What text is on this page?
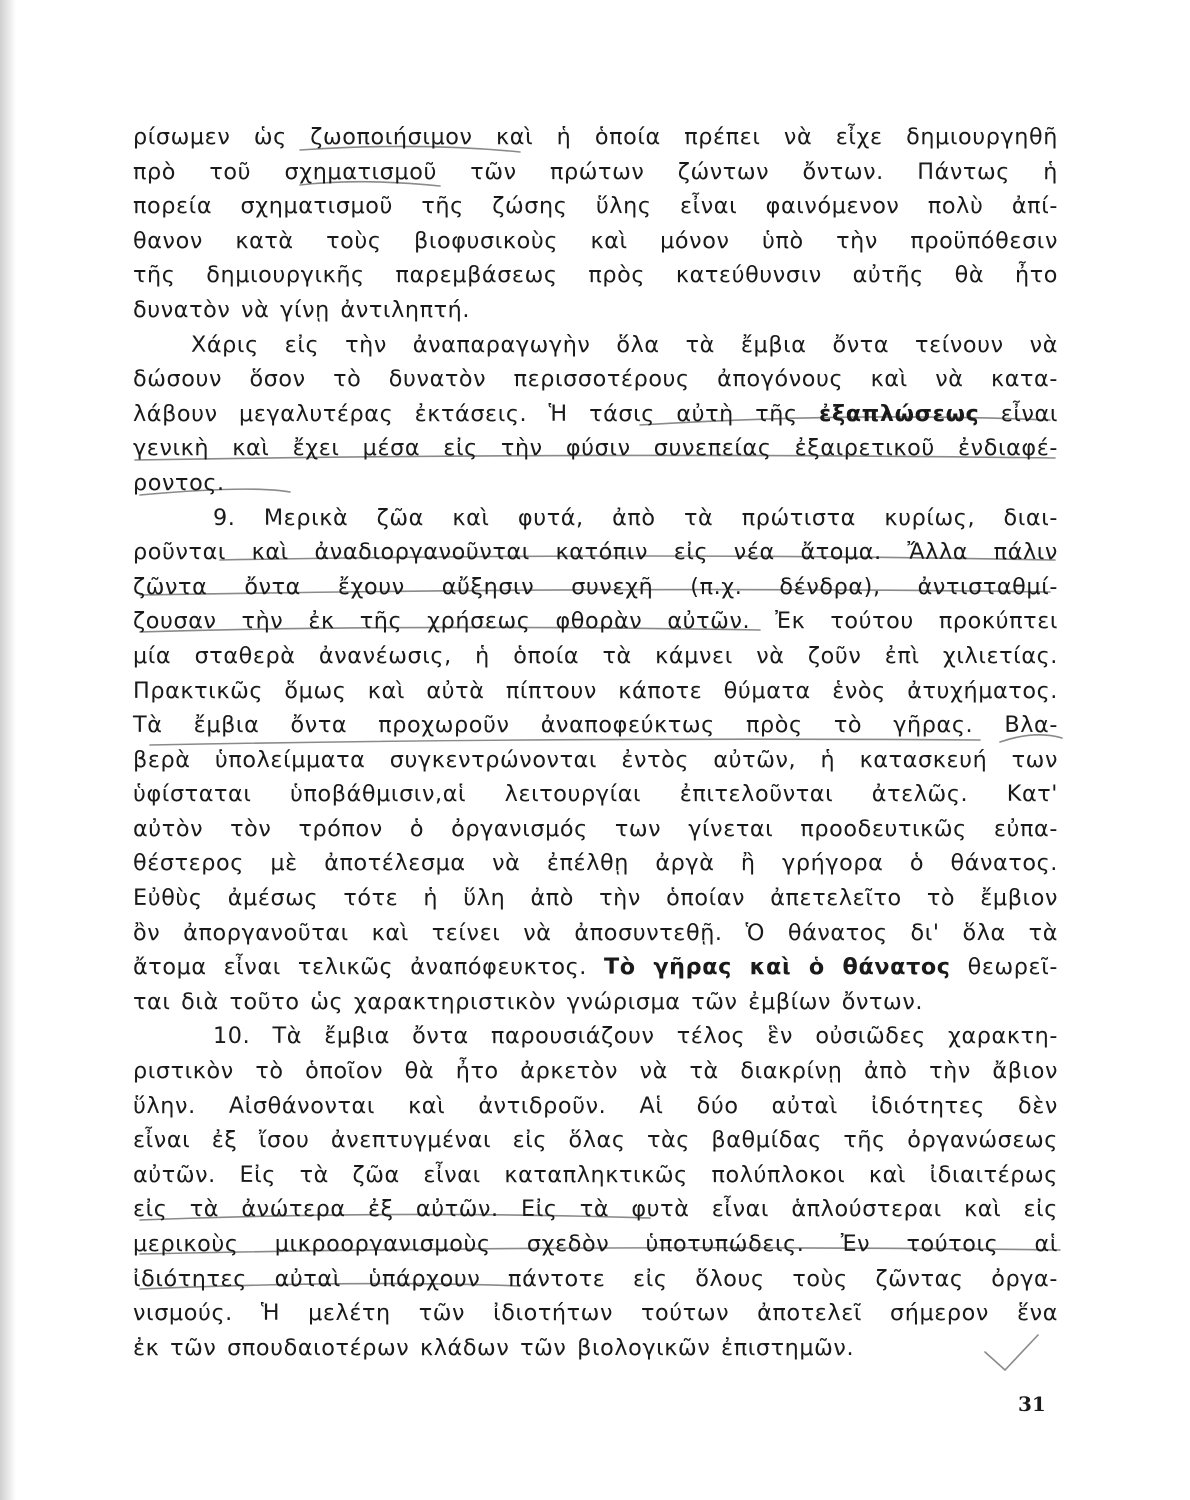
ρίσωμεν ὡς ζωοποιήσιμον καὶ ἡ ὁποία πρέπει νὰ εἶχε δημιουργηθῆ
πρὸ τοῦ σχηματισμοῦ τῶν πρώτων ζώντων ὄντων. Πάντως ἡ
πορεία σχηματισμοῦ τῆς ζώσης ὕλης εἶναι φαινόμενον πολὺ ἀπί-
θανον κατὰ τοὺς βιοφυσικοὺς καὶ μόνον ὑπὸ τὴν προϋπόθεσιν
τῆς δημιουργικῆς παρεμβάσεως πρὸς κατεύθυνσιν αὐτῆς θὰ ἦτο
δυνατὸν νὰ γίνῃ ἀντιληπτή.

Χάρις εἰς τὴν ἀναπαραγωγὴν ὅλα τὰ ἔμβια ὄντα τείνουν νὰ
δώσουν ὅσον τὸ δυνατὸν περισσοτέρους ἀπογόνους καὶ νὰ κατα-
λάβουν μεγαλυτέρας ἐκτάσεις. Ἡ τάσις αὐτὴ τῆς ἐξαπλώσεως εἶναι
γενικὴ καὶ ἔχει μέσα εἰς τὴν φύσιν συνεπείας ἐξαιρετικοῦ ἐνδιαφέ-
ροντος.

9. Μερικὰ ζῶα καὶ φυτά, ἀπὸ τὰ πρώτιστα κυρίως, διαι-
ροῦνται καὶ ἀναδιοργανοῦνται κατόπιν εἰς νέα ἄτομα. Ἄλλα πάλιν
ζῶντα ὄντα ἔχουν αὔξησιν συνεχῆ (π.χ. δένδρα), ἀντισταθμί-
ζουσαν τὴν ἐκ τῆς χρήσεως φθορὰν αὐτῶν. Ἐκ τούτου προκύπτει
μία σταθερὰ ἀνανέωσις, ἡ ὁποία τὰ κάμνει νὰ ζοῦν ἐπὶ χιλιετίας.
Πρακτικῶς ὅμως καὶ αὐτὰ πίπτουν κάποτε θύματα ἑνὸς ἀτυχήματος.
Τὰ ἔμβια ὄντα προχωροῦν ἀναποφεύκτως πρὸς τὸ γῆρας. Βλα-
βερὰ ὑπολείμματα συγκεντρώνονται ἐντὸς αὐτῶν, ἡ κατασκευή των
ὑφίσταται ὑποβάθμισιν,αἱ λειτουργίαι ἐπιτελοῦνται ἀτελῶς. Κατ'
αὐτὸν τὸν τρόπον ὁ ὀργανισμός των γίνεται προοδευτικῶς εὐπα-
θέστερος μὲ ἀποτέλεσμα νὰ ἐπέλθῃ ἀργὰ ἢ γρήγορα ὁ θάνατος.
Εὐθὺς ἀμέσως τότε ἡ ὕλη ἀπὸ τὴν ὁποίαν ἀπετελεῖτο τὸ ἔμβιον
ὂν ἀποργανοῦται καὶ τείνει νὰ ἀποσυντεθῇ. Ὁ θάνατος δι' ὅλα τὰ
ἄτομα εἶναι τελικῶς ἀναπόφευκτος. Τὸ γῆρας καὶ ὁ θάνατος θεωρεῖ-
ται διὰ τοῦτο ὡς χαρακτηριστικὸν γνώρισμα τῶν ἐμβίων ὄντων.

10. Τὰ ἔμβια ὄντα παρουσιάζουν τέλος ἓν οὐσιῶδες χαρακτη-
ριστικὸν τὸ ὁποῖον θὰ ἦτο ἀρκετὸν νὰ τὰ διακρίνῃ ἀπὸ τὴν ἄβιον
ὕλην. Αἰσθάνονται καὶ ἀντιδροῦν. Αἱ δύο αὐταὶ ἰδιότητες δὲν
εἶναι ἐξ ἴσου ἀνεπτυγμέναι εἰς ὅλας τὰς βαθμίδας τῆς ὀργανώσεως
αὐτῶν. Εἰς τὰ ζῶα εἶναι καταπληκτικῶς πολύπλοκοι καὶ ἰδιαιτέρως
εἰς τὰ ἀνώτερα ἐξ αὐτῶν. Εἰς τὰ φυτὰ εἶναι ἁπλούστεραι καὶ εἰς
μερικοὺς μικροοργανισμοὺς σχεδὸν ὑποτυπώδεις. Ἐν τούτοις αἱ
ἰδιότητες αὐταὶ ὑπάρχουν πάντοτε εἰς ὅλους τοὺς ζῶντας ὀργα-
νισμούς. Ἡ μελέτη τῶν ἰδιοτήτων τούτων ἀποτελεῖ σήμερον ἕνα
ἐκ τῶν σπουδαιοτέρων κλάδων τῶν βιολογικῶν ἐπιστημῶν.

31
